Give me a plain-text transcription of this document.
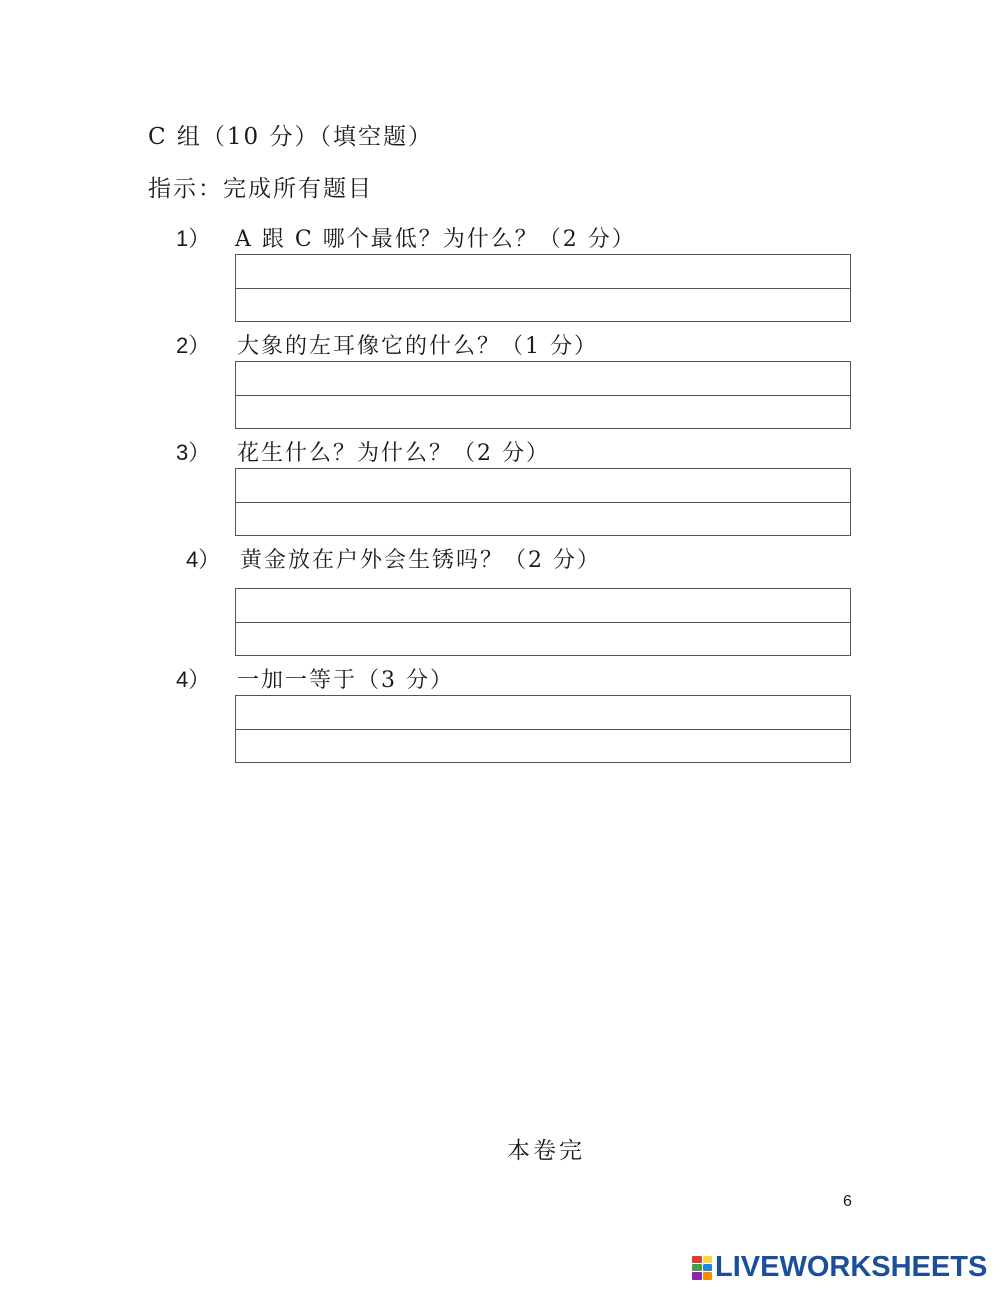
C 组（10 分）（填空题）
指示：完成所有题目
1） A 跟 C 哪个最低？为什么？（2 分）
2） 大象的左耳像它的什么？（1 分）
3） 花生什么？为什么？（2 分）
4） 黄金放在户外会生锈吗？（2 分）
4） 一加一等于（3 分）
本卷完
6
LIVEWORKSHEETS
